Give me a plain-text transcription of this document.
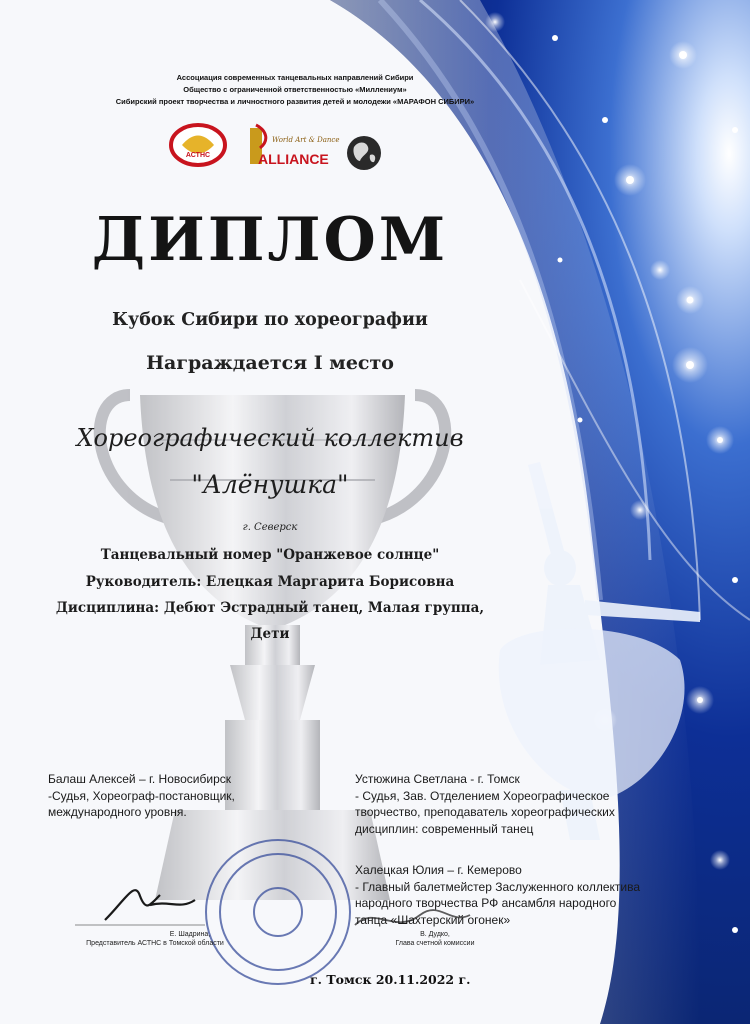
Ассоциация современных танцевальных направлений Сибири
Общество с ограниченной ответственностью «Миллениум»
Сибирский проект творчества и личностного развития детей и молодежи «МАРАФОН СИБИРИ»
АСТНС
World Art & Dance
ALLIANCE
ДИПЛОМ
Кубок Сибири по хореографии
Награждается I место
Хореографический коллектив
"Алёнушка"
г. Северск
Танцевальный номер "Оранжевое солнце"
Руководитель: Елецкая Маргарита Борисовна
Дисциплина: Дебют Эстрадный танец, Малая группа,
Дети
Балаш Алексей – г. Новосибирск
-Судья, Хореограф-постановщик,
международного уровня.
Устюжина Светлана - г. Томск
- Судья, Зав. Отделением Хореографическое
творчество, преподаватель хореографических
дисциплин: современный танец
Халецкая Юлия – г. Кемерово
- Главный балетмейстер Заслуженного коллектива
народного творчества РФ ансамбля народного
танца «Шахтерский огонек»
Е. Шадрина,
Представитель АСТНС в Томской области
В. Дудко,
Глава счетной комиссии
г. Томск 20.11.2022 г.
